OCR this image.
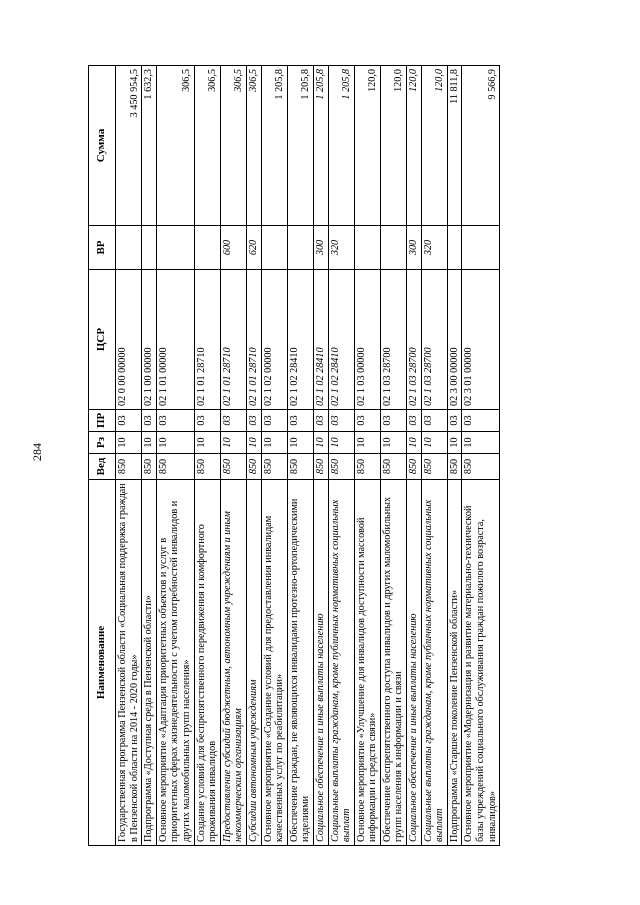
284
Наименование	Вед	Рз	ПР	ЦСР	ВР	Сумма
Государственная программа Пензенской области «Социальная поддержка граждан в Пензенской области на 2014 - 2020 годы»	850	10	03	02 0 00 00000		3 450 954,5
Подпрограмма «Доступная среда в Пензенской области»	850	10	03	02 1 00 00000		1 632,3
Основное мероприятие «Адаптация приоритетных объектов и услуг в приоритетных сферах жизнедеятельности с учетом потребностей инвалидов и других маломобильных групп населения»	850	10	03	02 1 01 00000		306,5
Создание условий для беспрепятственного передвижения и комфортного проживания инвалидов	850	10	03	02 1 01 28710		306,5
Предоставление субсидий бюджетным, автономным учреждениям и иным некоммерческим организациям	850	10	03	02 1 01 28710	600	306,5
Субсидии автономным учреждениям	850	10	03	02 1 01 28710	620	306,5
Основное мероприятие «Создание условий для предоставления инвалидам качественных услуг по реабилитации»	850	10	03	02 1 02 00000		1 205,8
Обеспечение граждан, не являющихся инвалидами протезно-ортопедическими изделиями	850	10	03	02 1 02 28410		1 205,8
Социальное обеспечение и иные выплаты населению	850	10	03	02 1 02 28410	300	1 205,8
Социальные выплаты гражданам, кроме публичных нормативных социальных выплат	850	10	03	02 1 02 28410	320	1 205,8
Основное мероприятие «Улучшение для инвалидов доступности массовой информации и средств связи»	850	10	03	02 1 03 00000		120,0
Обеспечение беспрепятственного доступа инвалидов и других маломобильных групп населения к информации и связи	850	10	03	02 1 03 28700		120,0
Социальное обеспечение и иные выплаты населению	850	10	03	02 1 03 28700	300	120,0
Социальные выплаты гражданам, кроме публичных нормативных социальных выплат	850	10	03	02 1 03 28700	320	120,0
Подпрограмма «Старшее поколение Пензенской области»	850	10	03	02 3 00 00000		11 811,8
Основное мероприятие «Модернизация и развитие материально-технической базы учреждений социального обслуживания граждан пожилого возраста, инвалидов»	850	10	03	02 3 01 00000		9 566,9
